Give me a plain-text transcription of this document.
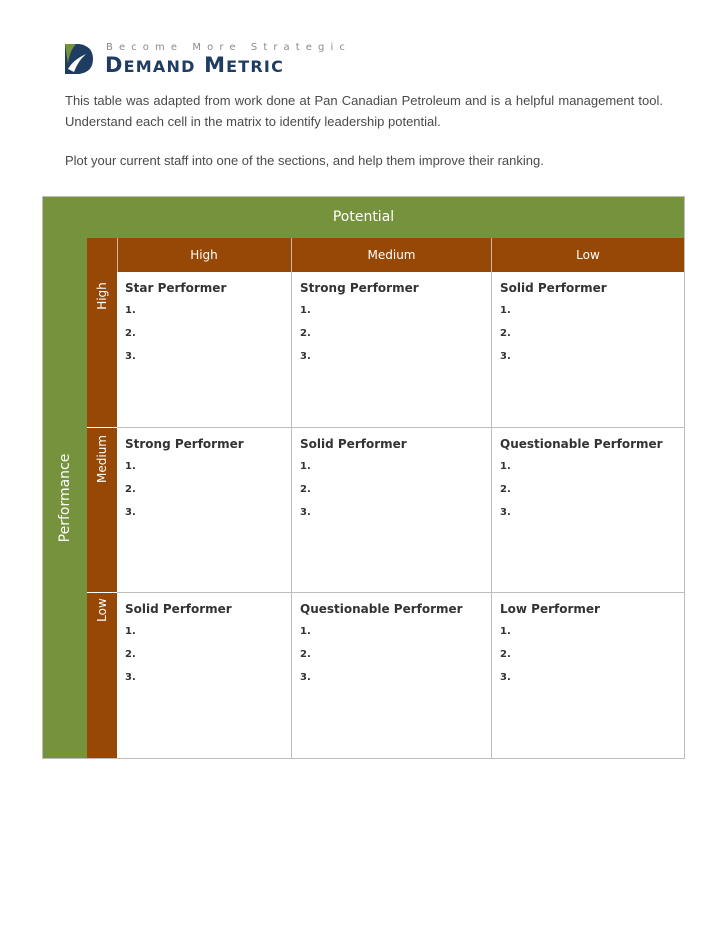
Become More Strategic
DEMAND METRIC
This table was adapted from work done at Pan Canadian Petroleum and is a helpful management tool. Understand each cell in the matrix to identify leadership potential.
Plot your current staff into one of the sections, and help them improve their ranking.
Potential
Performance
High	Medium	Low
High
Medium
Low
Star Performer
1.
2.
3.
Strong Performer
1.
2.
3.
Solid Performer
1.
2.
3.
Strong Performer
1.
2.
3.
Solid Performer
1.
2.
3.
Questionable Performer
1.
2.
3.
Solid Performer
1.
2.
3.
Questionable Performer
1.
2.
3.
Low Performer
1.
2.
3.
